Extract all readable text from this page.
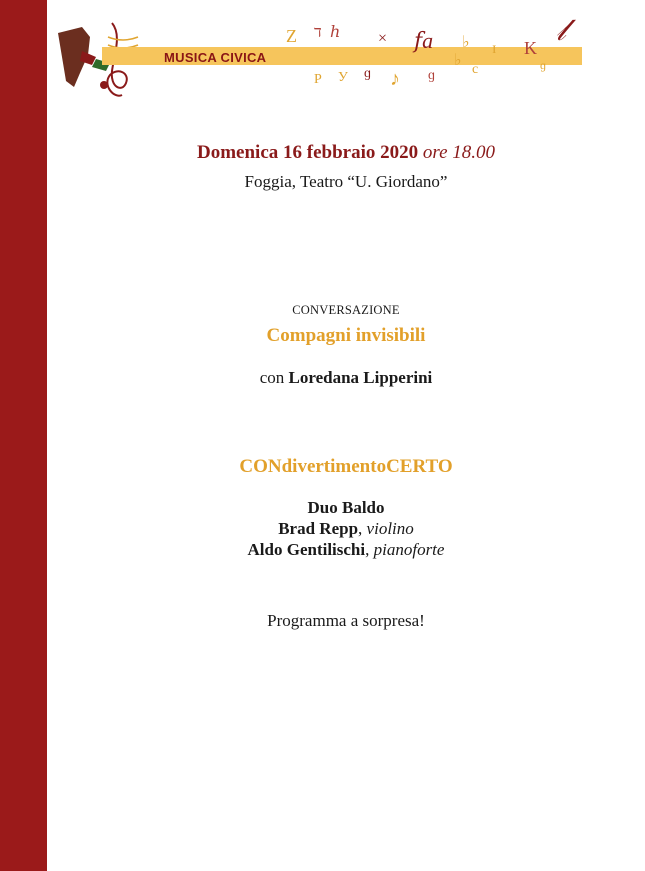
MUSICA CIVICA
Z ד ℎ × 𝑓a ♭ ɪ K
𝓁
♪
P У ɡ	ɡ	c
♭	ɡ
Domenica 16 febbraio 2020 ore 18.00
Foggia, Teatro “U. Giordano”
CONVERSAZIONE
Compagni invisibili
con Loredana Lipperini
CONdivertimentoCERTO
Duo Baldo
Brad Repp, violino
Aldo Gentilischi, pianoforte
Programma a sorpresa!
